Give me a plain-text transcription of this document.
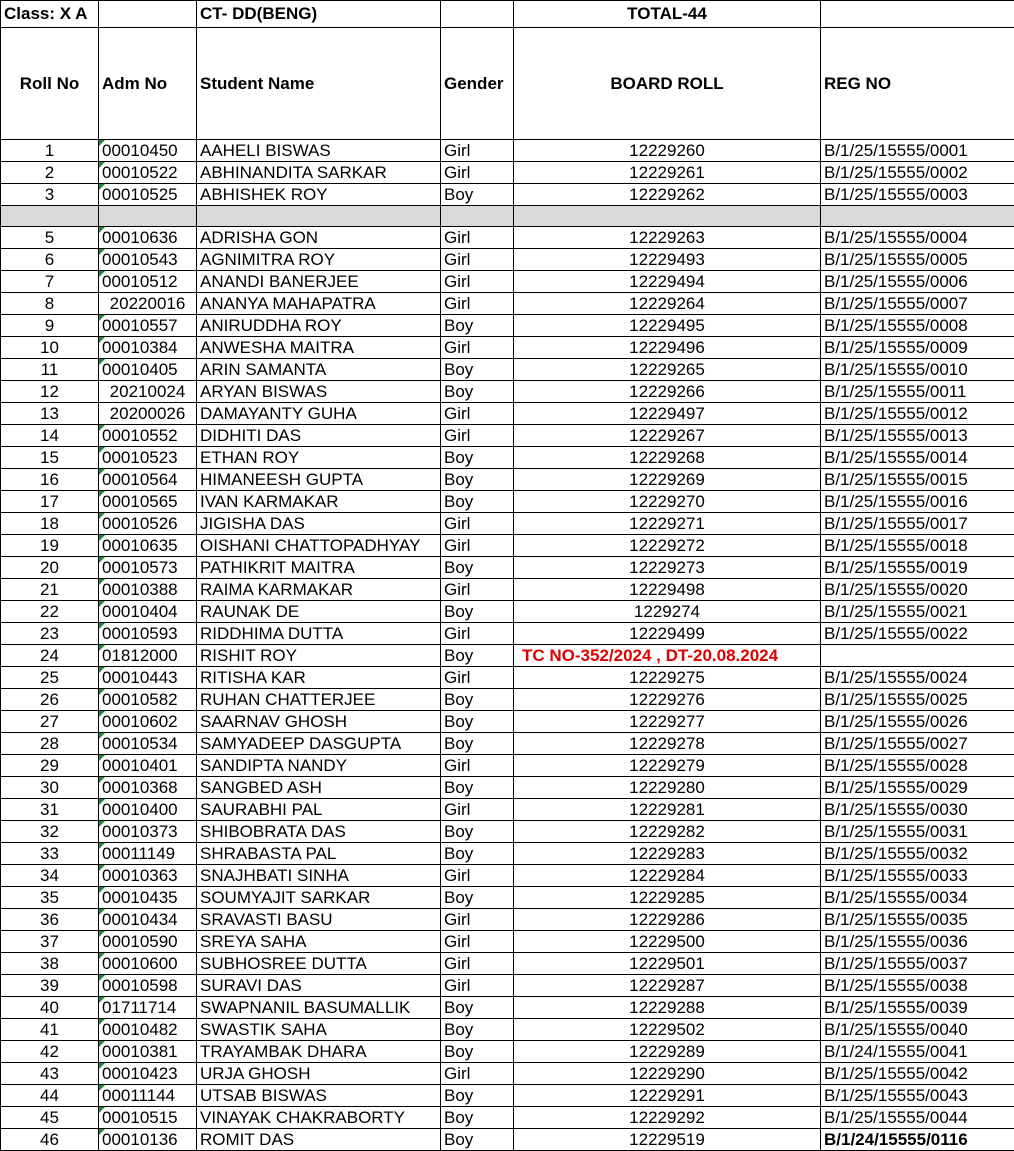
Class: X A		CT- DD(BENG)		TOTAL-44	
Roll No	Adm No	Student Name	Gender	BOARD ROLL	REG NO
1	00010450	AAHELI BISWAS	Girl	12229260	B/1/25/15555/0001
2	00010522	ABHINANDITA SARKAR	Girl	12229261	B/1/25/15555/0002
3	00010525	ABHISHEK ROY	Boy	12229262	B/1/25/15555/0003

5	00010636	ADRISHA GON	Girl	12229263	B/1/25/15555/0004
6	00010543	AGNIMITRA ROY	Girl	12229493	B/1/25/15555/0005
7	00010512	ANANDI BANERJEE	Girl	12229494	B/1/25/15555/0006
8	20220016	ANANYA MAHAPATRA	Girl	12229264	B/1/25/15555/0007
9	00010557	ANIRUDDHA ROY	Boy	12229495	B/1/25/15555/0008
10	00010384	ANWESHA MAITRA	Girl	12229496	B/1/25/15555/0009
11	00010405	ARIN SAMANTA	Boy	12229265	B/1/25/15555/0010
12	20210024	ARYAN BISWAS	Boy	12229266	B/1/25/15555/0011
13	20200026	DAMAYANTY GUHA	Girl	12229497	B/1/25/15555/0012
14	00010552	DIDHITI DAS	Girl	12229267	B/1/25/15555/0013
15	00010523	ETHAN ROY	Boy	12229268	B/1/25/15555/0014
16	00010564	HIMANEESH GUPTA	Boy	12229269	B/1/25/15555/0015
17	00010565	IVAN KARMAKAR	Boy	12229270	B/1/25/15555/0016
18	00010526	JIGISHA DAS	Girl	12229271	B/1/25/15555/0017
19	00010635	OISHANI CHATTOPADHYAY	Girl	12229272	B/1/25/15555/0018
20	00010573	PATHIKRIT MAITRA	Boy	12229273	B/1/25/15555/0019
21	00010388	RAIMA KARMAKAR	Girl	12229498	B/1/25/15555/0020
22	00010404	RAUNAK DE	Boy	1229274	B/1/25/15555/0021
23	00010593	RIDDHIMA DUTTA	Girl	12229499	B/1/25/15555/0022
24	01812000	RISHIT ROY	Boy	TC NO-352/2024 , DT-20.08.2024	
25	00010443	RITISHA KAR	Girl	12229275	B/1/25/15555/0024
26	00010582	RUHAN CHATTERJEE	Boy	12229276	B/1/25/15555/0025
27	00010602	SAARNAV GHOSH	Boy	12229277	B/1/25/15555/0026
28	00010534	SAMYADEEP DASGUPTA	Boy	12229278	B/1/25/15555/0027
29	00010401	SANDIPTA NANDY	Girl	12229279	B/1/25/15555/0028
30	00010368	SANGBED ASH	Boy	12229280	B/1/25/15555/0029
31	00010400	SAURABHI PAL	Girl	12229281	B/1/25/15555/0030
32	00010373	SHIBOBRATA DAS	Boy	12229282	B/1/25/15555/0031
33	00011149	SHRABASTA PAL	Boy	12229283	B/1/25/15555/0032
34	00010363	SNAJHBATI SINHA	Girl	12229284	B/1/25/15555/0033
35	00010435	SOUMYAJIT SARKAR	Boy	12229285	B/1/25/15555/0034
36	00010434	SRAVASTI BASU	Girl	12229286	B/1/25/15555/0035
37	00010590	SREYA SAHA	Girl	12229500	B/1/25/15555/0036
38	00010600	SUBHOSREE DUTTA	Girl	12229501	B/1/25/15555/0037
39	00010598	SURAVI DAS	Girl	12229287	B/1/25/15555/0038
40	01711714	SWAPNANIL BASUMALLIK	Boy	12229288	B/1/25/15555/0039
41	00010482	SWASTIK SAHA	Boy	12229502	B/1/25/15555/0040
42	00010381	TRAYAMBAK DHARA	Boy	12229289	B/1/24/15555/0041
43	00010423	URJA GHOSH	Girl	12229290	B/1/25/15555/0042
44	00011144	UTSAB BISWAS	Boy	12229291	B/1/25/15555/0043
45	00010515	VINAYAK CHAKRABORTY	Boy	12229292	B/1/25/15555/0044
46	00010136	ROMIT DAS	Boy	12229519	B/1/24/15555/0116
